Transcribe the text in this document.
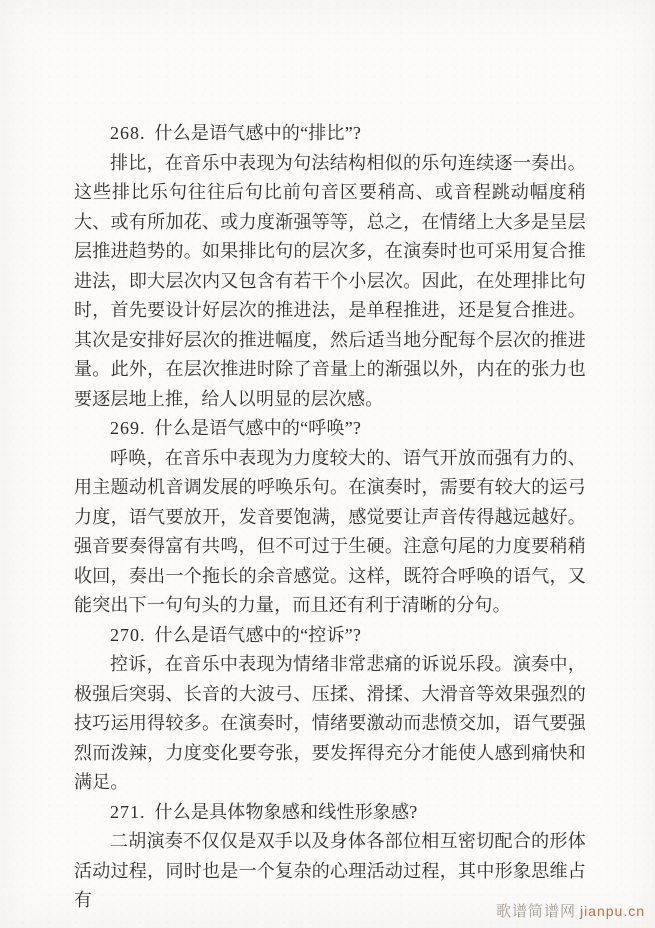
268. 什么是语气感中的“排比”?

排比，在音乐中表现为句法结构相似的乐句连续逐一奏出。这些排比乐句往往后句比前句音区要稍高、或音程跳动幅度稍大、或有所加花、或力度渐强等等，总之，在情绪上大多是呈层层推进趋势的。如果排比句的层次多，在演奏时也可采用复合推进法，即大层次内又包含有若干个小层次。因此，在处理排比句时，首先要设计好层次的推进法，是单程推进，还是复合推进。其次是安排好层次的推进幅度，然后适当地分配每个层次的推进量。此外，在层次推进时除了音量上的渐强以外，内在的张力也要逐层地上推，给人以明显的层次感。

269. 什么是语气感中的“呼唤”?

呼唤，在音乐中表现为力度较大的、语气开放而强有力的、用主题动机音调发展的呼唤乐句。在演奏时，需要有较大的运弓力度，语气要放开，发音要饱满，感觉要让声音传得越远越好。强音要奏得富有共鸣，但不可过于生硬。注意句尾的力度要稍稍收回，奏出一个拖长的余音感觉。这样，既符合呼唤的语气，又能突出下一句句头的力量，而且还有利于清晰的分句。

270. 什么是语气感中的“控诉”?

控诉，在音乐中表现为情绪非常悲痛的诉说乐段。演奏中，极强后突弱、长音的大波弓、压揉、滑揉、大滑音等效果强烈的技巧运用得较多。在演奏时，情绪要激动而悲愤交加，语气要强烈而泼辣，力度变化要夸张，要发挥得充分才能使人感到痛快和满足。

271. 什么是具体物象感和线性形象感?

二胡演奏不仅仅是双手以及身体各部位相互密切配合的形体活动过程，同时也是一个复杂的心理活动过程，其中形象思维占有

歌谱简谱网 jianpu.cn
